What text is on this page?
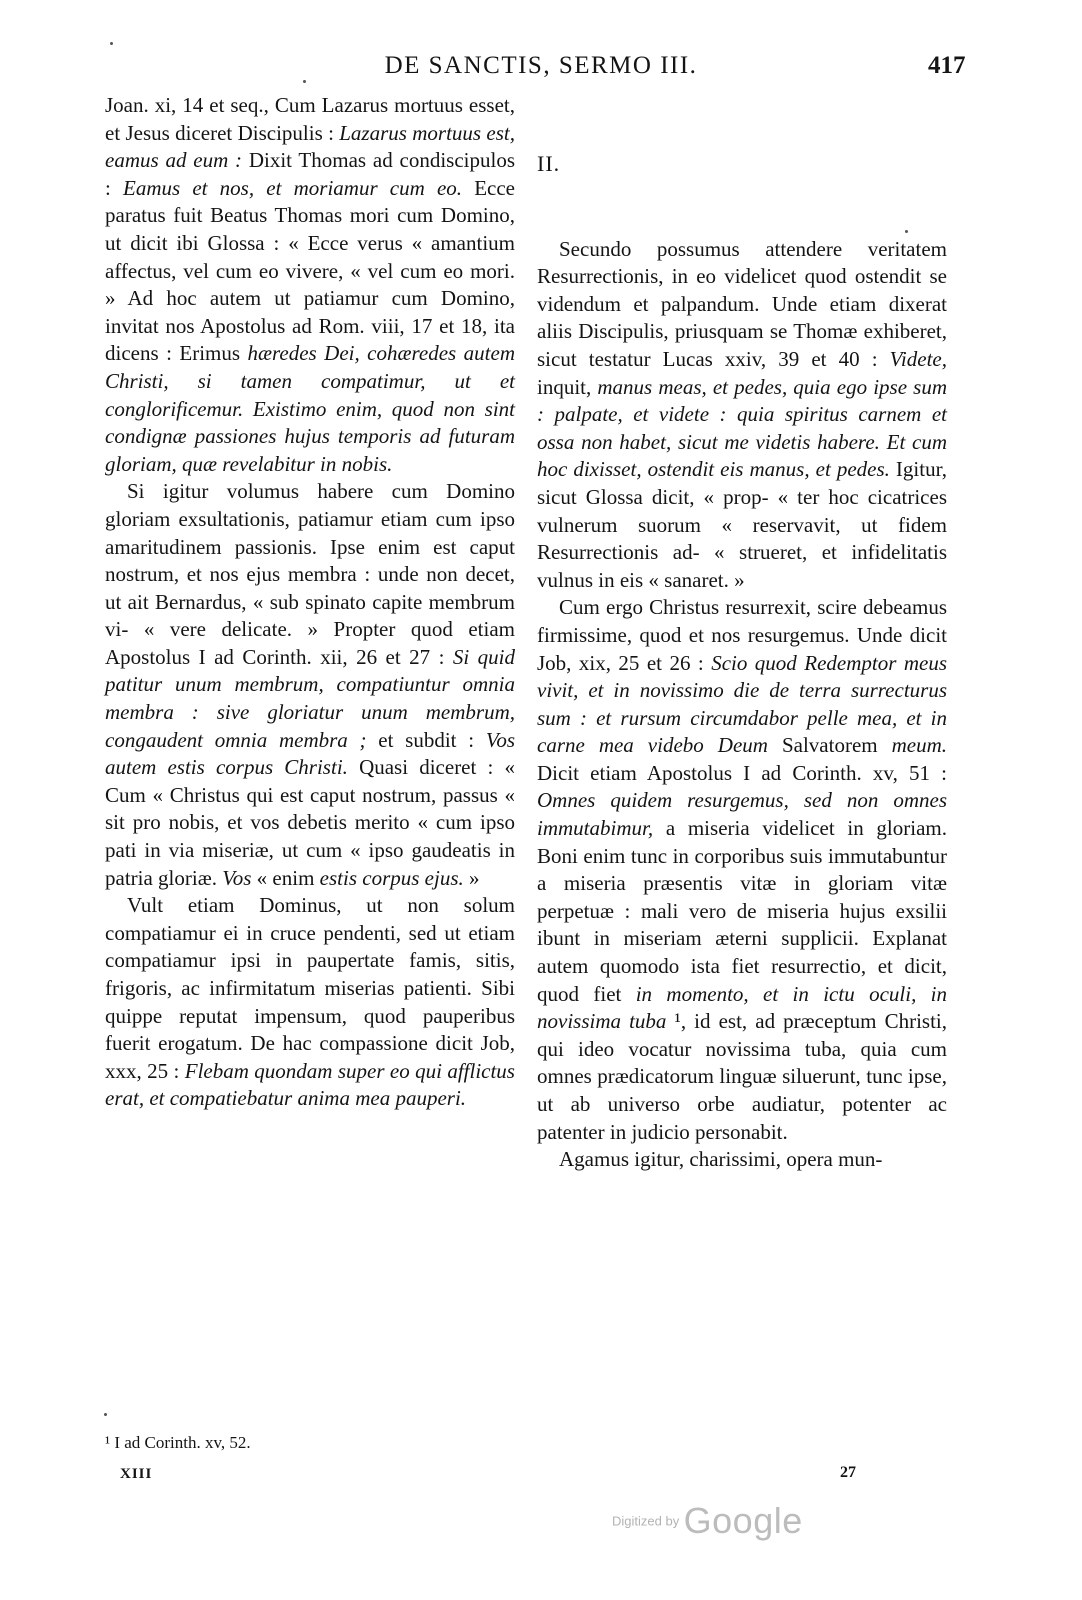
DE SANCTIS, SERMO III.	417

Joan. xi, 14 et seq., Cum Lazarus mortuus esset, et Jesus diceret Discipulis : Lazarus mortuus est, eamus ad eum : Dixit Thomas ad condiscipulos : Eamus et nos, et moriamur cum eo. Ecce paratus fuit Beatus Thomas mori cum Domino, ut dicit ibi Glossa : « Ecce verus « amantium affectus, vel cum eo vivere, « vel cum eo mori. » Ad hoc autem ut patiamur cum Domino, invitat nos Apostolus ad Rom. viii, 17 et 18, ita dicens : Erimus hæredes Dei, cohæredes autem Christi, si tamen compatimur, ut et conglorificemur. Existimo enim, quod non sint condignæ passiones hujus temporis ad futuram gloriam, quæ revelabitur in nobis.

Si igitur volumus habere cum Domino gloriam exsultationis, patiamur etiam cum ipso amaritudinem passionis. Ipse enim est caput nostrum, et nos ejus membra : unde non decet, ut ait Bernardus, « sub spinato capite membrum vi- « vere delicate. » Propter quod etiam Apostolus I ad Corinth. xii, 26 et 27 : Si quid patitur unum membrum, compatiuntur omnia membra : sive gloriatur unum membrum, congaudent omnia membra ; et subdit : Vos autem estis corpus Christi. Quasi diceret : « Cum « Christus qui est caput nostrum, passus « sit pro nobis, et vos debetis merito « cum ipso pati in via miseriæ, ut cum « ipso gaudeatis in patria gloriæ. Vos « enim estis corpus ejus. »

Vult etiam Dominus, ut non solum compatiamur ei in cruce pendenti, sed ut etiam compatiamur ipsi in paupertate famis, sitis, frigoris, ac infirmitatum miserias patienti. Sibi quippe reputat impensum, quod pauperibus fuerit erogatum. De hac compassione dicit Job, xxx, 25 : Flebam quondam super eo qui afflictus erat, et compatiebatur anima mea pauperi.

II.

Secundo possumus attendere veritatem Resurrectionis, in eo videlicet quod ostendit se videndum et palpandum. Unde etiam dixerat aliis Discipulis, priusquam se Thomæ exhiberet, sicut testatur Lucas xxiv, 39 et 40 : Videte, inquit, manus meas, et pedes, quia ego ipse sum : palpate, et videte : quia spiritus carnem et ossa non habet, sicut me videtis habere. Et cum hoc dixisset, ostendit eis manus, et pedes. Igitur, sicut Glossa dicit, « prop- « ter hoc cicatrices vulnerum suorum « reservavit, ut fidem Resurrectionis ad- « strueret, et infidelitatis vulnus in eis « sanaret. »

Cum ergo Christus resurrexit, scire debeamus firmissime, quod et nos resurgemus. Unde dicit Job, xix, 25 et 26 : Scio quod Redemptor meus vivit, et in novissimo die de terra surrecturus sum : et rursum circumdabor pelle mea, et in carne mea videbo Deum Salvatorem meum. Dicit etiam Apostolus I ad Corinth. xv, 51 : Omnes quidem resurgemus, sed non omnes immutabimur, a miseria videlicet in gloriam. Boni enim tunc in corporibus suis immutabuntur a miseria præsentis vitæ in gloriam vitæ perpetuæ : mali vero de miseria hujus exsilii ibunt in miseriam æterni supplicii. Explanat autem quomodo ista fiet resurrectio, et dicit, quod fiet in momento, et in ictu oculi, in novissima tuba ¹, id est, ad præceptum Christi, qui ideo vocatur novissima tuba, quia cum omnes prædicatorum linguæ siluerunt, tunc ipse, ut ab universo orbe audiatur, potenter ac patenter in judicio personabit.

Agamus igitur, charissimi, opera mun-

¹ I ad Corinth. xv, 52.
XIII	27
Digitized by Google
